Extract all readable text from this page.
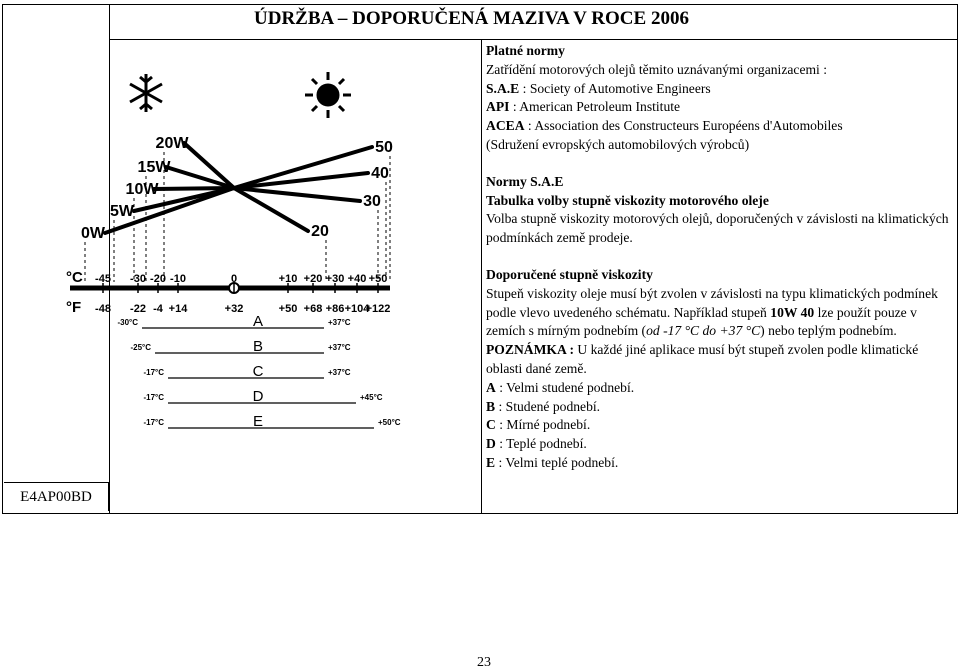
ÚDRŽBA – DOPORUČENÁ MAZIVA V ROCE 2006
E4AP00BD
0W
5W
10W
15W
20W
20
30
40
50
°C
°F
-45 -30 -20 -10	0	+10 +20 +30 +40 +50
-48 -22 -4 +14	+32	+50 +68 +86 +104
+122
-30°C	+37°C
A
-25°C	+37°C
B
-17°C	+37°C
C
-17°C	+45°C
D
-17°C	+50°C
E

Platné normy

Zatřídění motorových olejů těmito uznávanými organizacemi :

S.A.E : Society of Automotive Engineers

API : American Petroleum Institute

ACEA : Association des Constructeurs Européens d'Automobiles

(Sdružení evropských automobilových výrobců)

Normy S.A.E

Tabulka volby stupně viskozity motorového oleje

Volba stupně viskozity motorových olejů, doporučených v závislosti na klimatických podmínkách země prodeje.

Doporučené stupně viskozity

Stupeň viskozity oleje musí být zvolen v závislosti na typu klimatických podmínek podle vlevo uvedeného schématu. Například stupeň 10W 40 lze použít pouze v zemích s mírným podnebím (od -17 °C do +37 °C) nebo teplým podnebím.

POZNÁMKA : U každé jiné aplikace musí být stupeň zvolen podle klimatické oblasti dané země.

A : Velmi studené podnebí.

B : Studené podnebí.

C : Mírné podnebí.

D : Teplé podnebí.

E : Velmi teplé podnebí.

23
